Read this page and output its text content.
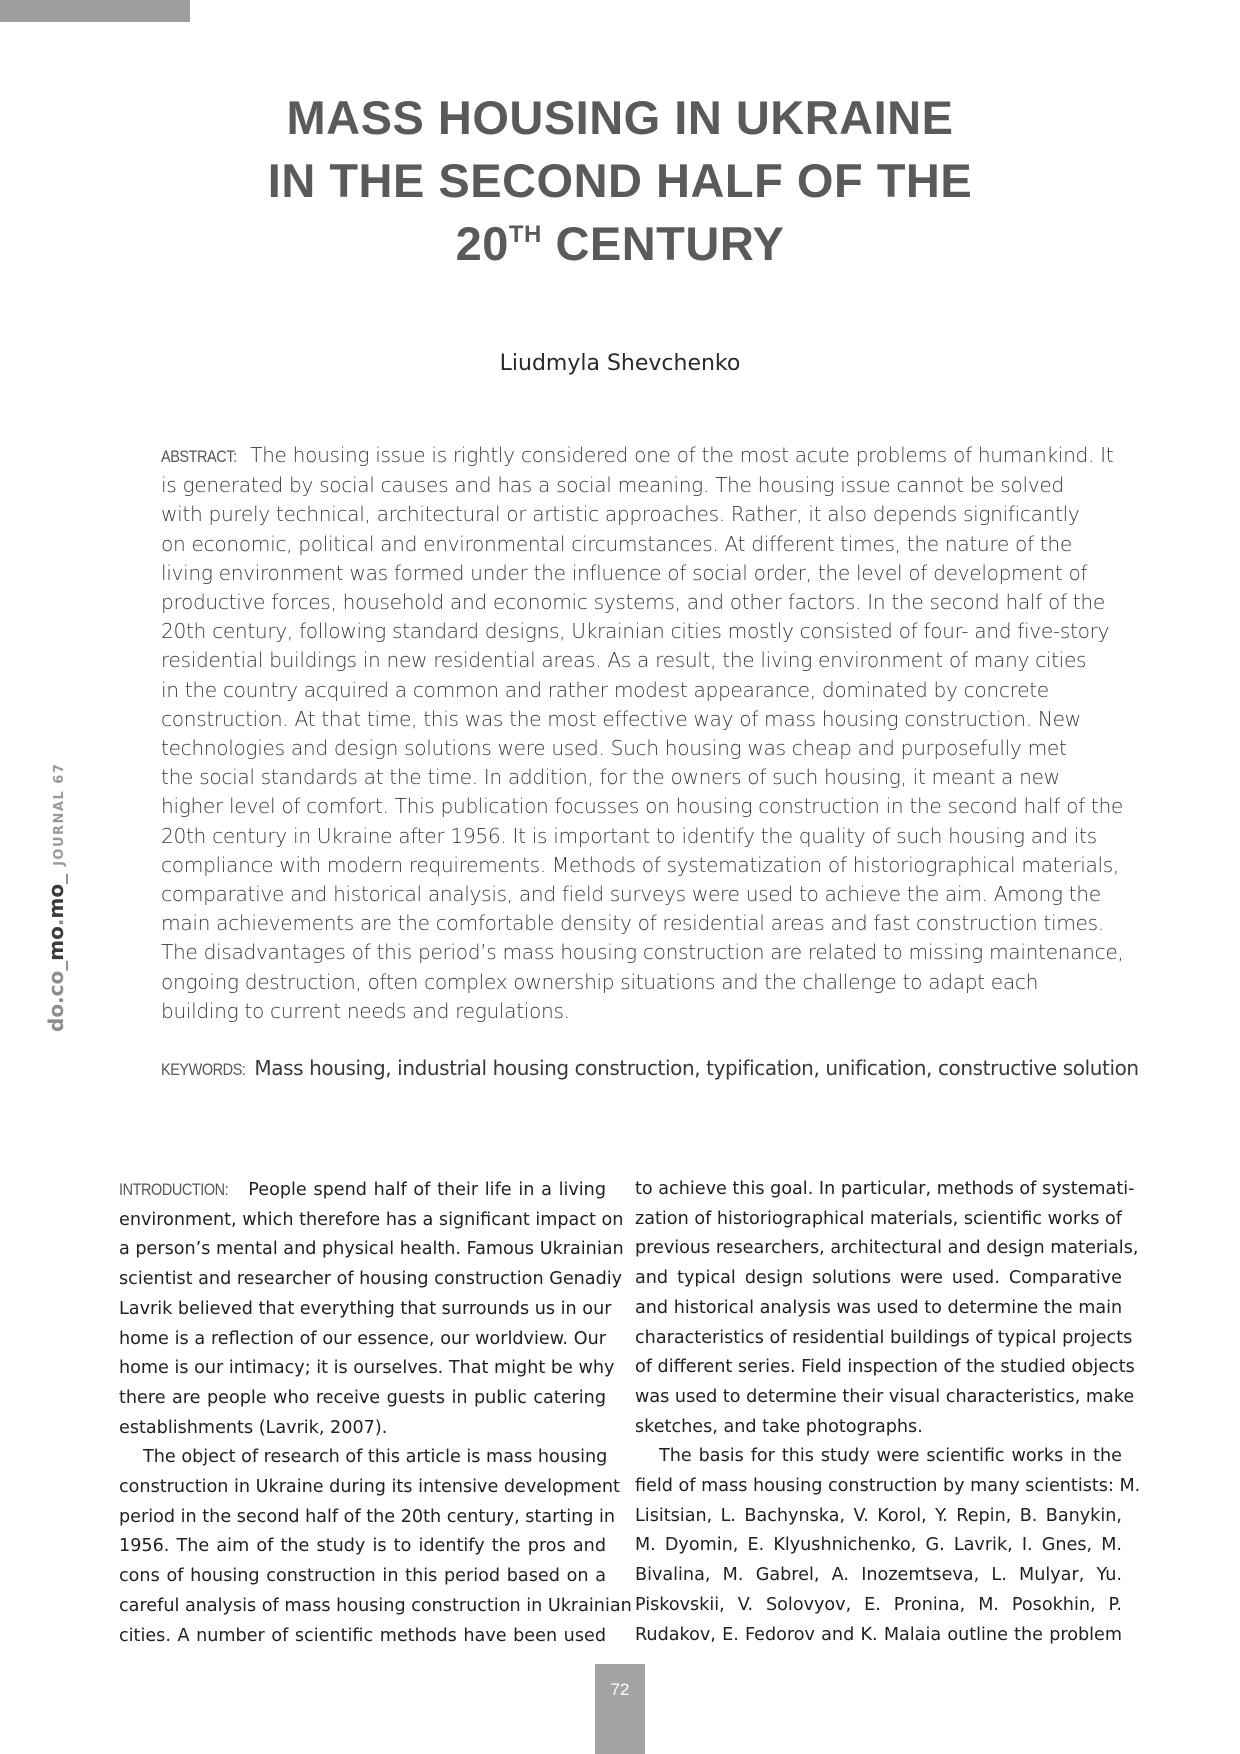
MASS HOUSING IN UKRAINE
IN THE SECOND HALF OF THE
20TH CENTURY
Liudmyla Shevchenko
ABSTRACT: The housing issue is rightly considered one of the most acute problems of humankind. It
is generated by social causes and has a social meaning. The housing issue cannot be solved
with purely technical, architectural or artistic approaches. Rather, it also depends significantly
on economic, political and environmental circumstances. At different times, the nature of the
living environment was formed under the influence of social order, the level of development of
productive forces, household and economic systems, and other factors. In the second half of the
20th century, following standard designs, Ukrainian cities mostly consisted of four- and five-story
residential buildings in new residential areas. As a result, the living environment of many cities
in the country acquired a common and rather modest appearance, dominated by concrete
construction. At that time, this was the most effective way of mass housing construction. New
technologies and design solutions were used. Such housing was cheap and purposefully met
the social standards at the time. In addition, for the owners of such housing, it meant a new
higher level of comfort. This publication focusses on housing construction in the second half of the
20th century in Ukraine after 1956. It is important to identify the quality of such housing and its
compliance with modern requirements. Methods of systematization of historiographical materials,
comparative and historical analysis, and field surveys were used to achieve the aim. Among the
main achievements are the comfortable density of residential areas and fast construction times.
The disadvantages of this period’s mass housing construction are related to missing maintenance,
ongoing destruction, often complex ownership situations and the challenge to adapt each
building to current needs and regulations.
KEYWORDS: Mass housing, industrial housing construction, typification, unification, constructive solution
INTRODUCTION: People spend half of their life in a living
environment, which therefore has a significant impact on
a person’s mental and physical health. Famous Ukrainian
scientist and researcher of housing construction Genadiy
Lavrik believed that everything that surrounds us in our
home is a reflection of our essence, our worldview. Our
home is our intimacy; it is ourselves. That might be why
there are people who receive guests in public catering
establishments (Lavrik, 2007).
The object of research of this article is mass housing
construction in Ukraine during its intensive development
period in the second half of the 20th century, starting in
1956. The aim of the study is to identify the pros and
cons of housing construction in this period based on a
careful analysis of mass housing construction in Ukrainian
cities. A number of scientific methods have been used
to achieve this goal. In particular, methods of systemati-
zation of historiographical materials, scientific works of
previous researchers, architectural and design materials,
and typical design solutions were used. Comparative
and historical analysis was used to determine the main
characteristics of residential buildings of typical projects
of different series. Field inspection of the studied objects
was used to determine their visual characteristics, make
sketches, and take photographs.
The basis for this study were scientific works in the
field of mass housing construction by many scientists: M.
Lisitsian, L. Bachynska, V. Korol, Y. Repin, B. Banykin,
M. Dyomin, E. Klyushnichenko, G. Lavrik, I. Gnes, M.
Bivalina, M. Gabrel, A. Inozemtseva, L. Mulyar, Yu.
Piskovskii, V. Solovyov, E. Pronina, M. Posokhin, P.
Rudakov, E. Fedorov and K. Malaia outline the problem
do.co_mo.mo_JOURNAL 67
72
